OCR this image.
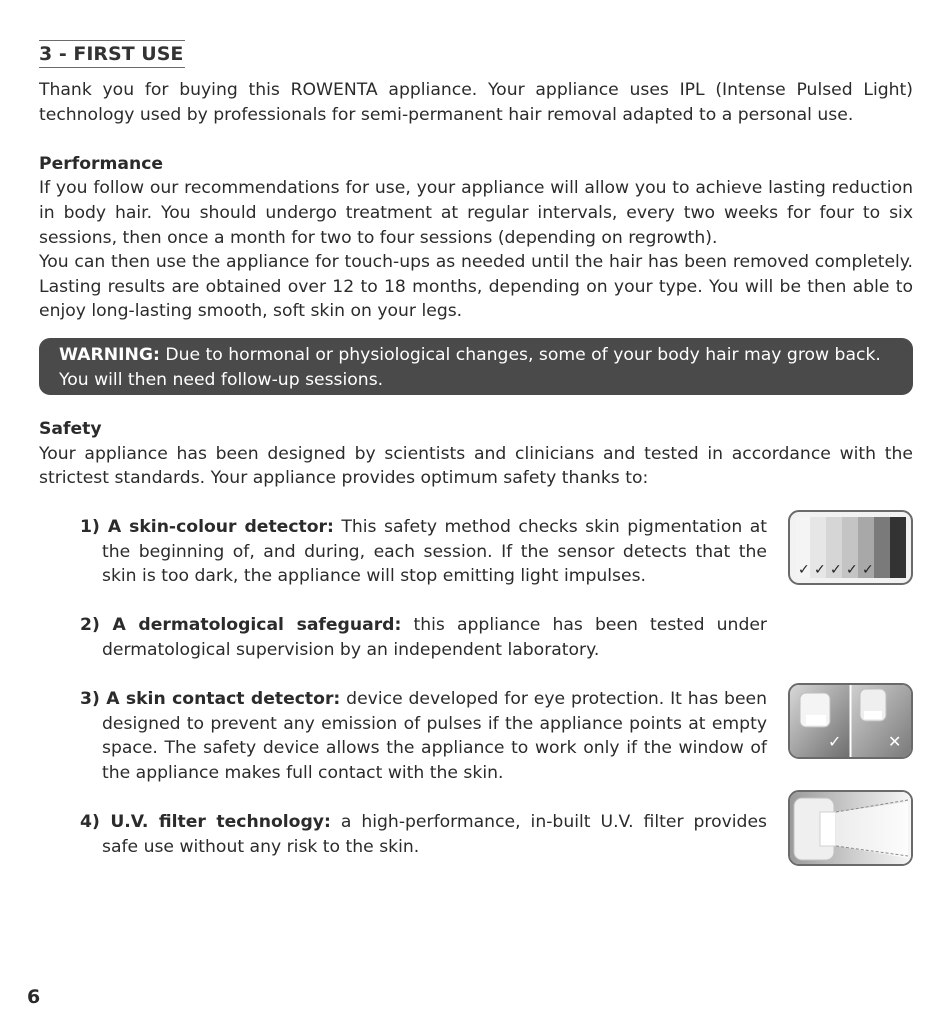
3 - FIRST USE

Thank you for buying this ROWENTA appliance. Your appliance uses IPL (Intense Pulsed Light) technology used by professionals for semi-permanent hair removal adapted to a personal use.

Performance

If you follow our recommendations for use, your appliance will allow you to achieve lasting reduction in body hair. You should undergo treatment at regular intervals, every two weeks for four to six sessions, then once a month for two to four sessions (depending on regrowth).

You can then use the appliance for touch-ups as needed until the hair has been removed completely. Lasting results are obtained over 12 to 18 months, depending on your type. You will be then able to enjoy long-lasting smooth, soft skin on your legs.

WARNING: Due to hormonal or physiological changes, some of your body hair may grow back. You will then need follow-up sessions.
Safety

Your appliance has been designed by scientists and clinicians and tested in accordance with the strictest standards. Your appliance provides optimum safety thanks to:

1) A skin-colour detector: This safety method checks skin pigmentation at the beginning of, and during, each session. If the sensor detects that the skin is too dark, the appliance will stop emitting light impulses.	✓ ✓ ✓ ✓ ✓
2) A dermatological safeguard: this appliance has been tested under dermatological supervision by an independent laboratory.
3) A skin contact detector: device developed for eye protection. It has been designed to prevent any emission of pulses if the appliance points at empty space. The safety device allows the appliance to work only if the window of the appliance makes full contact with the skin.
✓	✕
4) U.V. filter technology: a high-performance, in-built U.V. filter provides safe use without any risk to the skin.
6
